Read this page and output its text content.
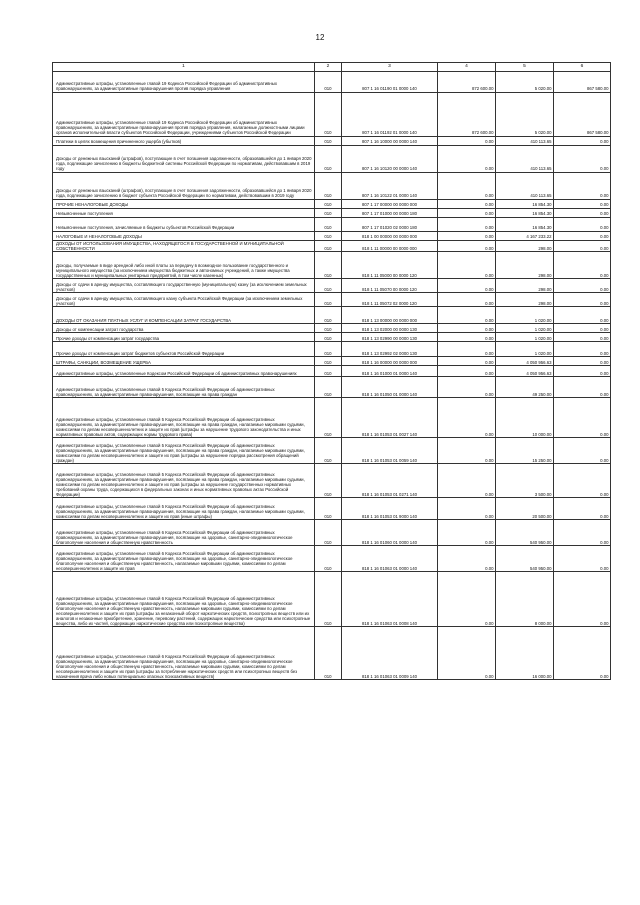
12
1	2	3	4	5	6
Административные штрафы, установленные главой 19 Кодекса Российской Федерации об административных правонарушениях, за административные правонарушения против порядка управления	010	807 1 16 01190 01 0000 140	872 600.00	5 020.00	867 580.00
Административные штрафы, установленные главой 19 Кодекса Российской Федерации об административных правонарушениях, за административные правонарушения против порядка управления, налагаемые должностными лицами органов исполнительной власти субъектов Российской Федерации, учреждениями субъектов Российской Федерации	010	807 1 16 01192 01 0000 140	872 600.00	5 020.00	867 580.00
Платежи в целях возмещения причиненного ущерба (убытков)	010	807 1 16 10000 00 0000 140	0.00	410 113.65	0.00
Доходы от денежных взысканий (штрафов), поступающие в счет погашения задолженности, образовавшейся до 1 января 2020 года, подлежащие зачислению в бюджеты бюджетной системы Российской Федерации по нормативам, действовавшим в 2019 году	010	807 1 16 10120 00 0000 140	0.00	410 113.65	0.00
Доходы от денежных взысканий (штрафов), поступающие в счет погашения задолженности, образовавшейся до 1 января 2020 года, подлежащие зачислению в бюджет субъекта Российской Федерации по нормативам, действовавшим в 2019 году	010	807 1 16 10122 01 0000 140	0.00	410 113.65	0.00
ПРОЧИЕ НЕНАЛОГОВЫЕ ДОХОДЫ	010	807 1 17 00000 00 0000 000	0.00	16 854.30	0.00
Невыясненные поступления	010	807 1 17 01000 00 0000 180	0.00	16 854.30	0.00
Невыясненные поступления, зачисляемые в бюджеты субъектов Российской Федерации	010	807 1 17 01020 02 0000 180	0.00	16 854.30	0.00
НАЛОГОВЫЕ И НЕНАЛОГОВЫЕ ДОХОДЫ	010	818 1 00 00000 00 0000 000	0.00	4 167 233.22	0.00
ДОХОДЫ ОТ ИСПОЛЬЗОВАНИЯ ИМУЩЕСТВА, НАХОДЯЩЕГОСЯ В ГОСУДАРСТВЕННОЙ И МУНИЦИПАЛЬНОЙ СОБСТВЕННОСТИ	010	818 1 11 00000 00 0000 000	0.00	298.00	0.00
Доходы, получаемые в виде арендной либо иной платы за передачу в возмездное пользование государственного и муниципального имущества (за исключением имущества бюджетных и автономных учреждений, а также имущества государственных и муниципальных унитарных предприятий, в том числе казенных)	010	818 1 11 05000 00 0000 120	0.00	298.00	0.00
Доходы от сдачи в аренду имущества, составляющего государственную (муниципальную) казну (за исключением земельных участков)	010	818 1 11 05070 00 0000 120	0.00	298.00	0.00
Доходы от сдачи в аренду имущества, составляющего казну субъекта Российской Федерации (за исключением земельных участков)	010	818 1 11 05072 02 0000 120	0.00	298.00	0.00
ДОХОДЫ ОТ ОКАЗАНИЯ ПЛАТНЫХ УСЛУГ И КОМПЕНСАЦИИ ЗАТРАТ ГОСУДАРСТВА	010	818 1 13 00000 00 0000 000	0.00	1 020.00	0.00
Доходы от компенсации затрат государства	010	818 1 13 02000 00 0000 130	0.00	1 020.00	0.00
Прочие доходы от компенсации затрат государства	010	818 1 13 02990 00 0000 130	0.00	1 020.00	0.00
Прочие доходы от компенсации затрат бюджетов субъектов Российской Федерации	010	818 1 13 02992 02 0000 130	0.00	1 020.00	0.00
ШТРАФЫ, САНКЦИИ, ВОЗМЕЩЕНИЕ УЩЕРБА	010	818 1 16 00000 00 0000 000	0.00	4 050 956.63	0.00
Административные штрафы, установленные Кодексом Российской Федерации об административных правонарушениях	010	818 1 16 01000 01 0000 140	0.00	4 050 956.63	0.00
Административные штрафы, установленные главой 5 Кодекса Российской Федерации об административных правонарушениях, за административные правонарушения, посягающие на права граждан	010	818 1 16 01050 01 0000 140	0.00	49 250.00	0.00
Административные штрафы, установленные главой 5 Кодекса Российской Федерации об административных правонарушениях, за административные правонарушения, посягающие на права граждан, налагаемые мировыми судьями, комиссиями по делам несовершеннолетних и защите их прав (штрафы за нарушение трудового законодательства и иных нормативных правовых актов, содержащих нормы трудового права)	010	818 1 16 01053 01 0027 140	0.00	10 000.00	0.00
Административные штрафы, установленные главой 5 Кодекса Российской Федерации об административных правонарушениях, за административные правонарушения, посягающие на права граждан, налагаемые мировыми судьями, комиссиями по делам несовершеннолетних и защите их прав (штрафы за нарушение порядка рассмотрения обращений граждан)	010	818 1 16 01053 01 0059 140	0.00	15 250.00	0.00
Административные штрафы, установленные главой 5 Кодекса Российской Федерации об административных правонарушениях, за административные правонарушения, посягающие на права граждан, налагаемые мировыми судьями, комиссиями по делам несовершеннолетних и защите их прав (штрафы за нарушение государственных нормативных требований охраны труда, содержащихся в федеральных законах и иных нормативных правовых актах Российской Федерации)	010	818 1 16 01053 01 0271 140	0.00	3 500.00	0.00
Административные штрафы, установленные главой 5 Кодекса Российской Федерации об административных правонарушениях, за административные правонарушения, посягающие на права граждан, налагаемые мировыми судьями, комиссиями по делам несовершеннолетних и защите их прав (иные штрафы)	010	818 1 16 01053 01 9000 140	0.00	20 500.00	0.00
Административные штрафы, установленные главой 6 Кодекса Российской Федерации об административных правонарушениях, за административные правонарушения, посягающие на здоровье, санитарно-эпидемиологическое благополучие населения и общественную нравственность	010	818 1 16 01060 01 0000 140	0.00	540 950.00	0.00
Административные штрафы, установленные главой 6 Кодекса Российской Федерации об административных правонарушениях, за административные правонарушения, посягающие на здоровье, санитарно-эпидемиологическое благополучие населения и общественную нравственность, налагаемые мировыми судьями, комиссиями по делам несовершеннолетних и защите их прав	010	818 1 16 01063 01 0000 140	0.00	540 950.00	0.00
Административные штрафы, установленные главой 6 Кодекса Российской Федерации об административных правонарушениях, за административные правонарушения, посягающие на здоровье, санитарно-эпидемиологическое благополучие населения и общественную нравственность, налагаемые мировыми судьями, комиссиями по делам несовершеннолетних и защите их прав (штрафы за незаконный оборот наркотических средств, психотропных веществ или их аналогов и незаконные приобретение, хранение, перевозку растений, содержащих наркотические средства или психотропные вещества, либо их частей, содержащих наркотические средства или психотропные вещества)	010	818 1 16 01063 01 0008 140	0.00	8 000.00	0.00
Административные штрафы, установленные главой 6 Кодекса Российской Федерации об административных правонарушениях, за административные правонарушения, посягающие на здоровье, санитарно-эпидемиологическое благополучие населения и общественную нравственность, налагаемые мировыми судьями, комиссиями по делам несовершеннолетних и защите их прав (штрафы за потребление наркотических средств или психотропных веществ без назначения врача либо новых потенциально опасных психоактивных веществ)	010	818 1 16 01063 01 0009 140	0.00	16 000.00	0.00
